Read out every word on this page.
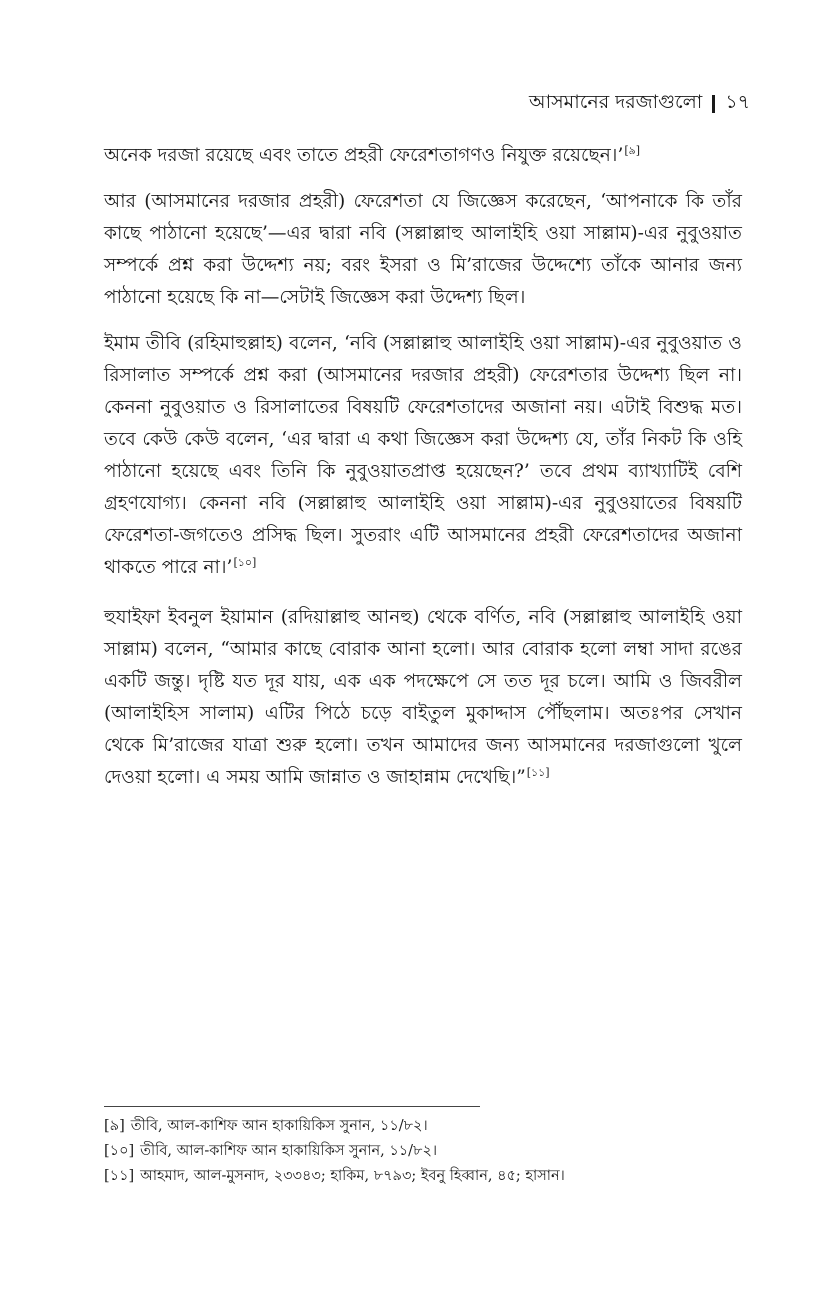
আসমানের দরজাগুলো ১৭

অনেক দরজা রয়েছে এবং তাতে প্রহরী ফেরেশতাগণও নিযুক্ত রয়েছেন।’[৯]

আর (আসমানের দরজার প্রহরী) ফেরেশতা যে জিজ্ঞেস করেছেন, ‘আপনাকে কি তাঁর কাছে পাঠানো হয়েছে’—এর দ্বারা নবি (সল্লাল্লাহু আলাইহি ওয়া সাল্লাম)-এর নুবুওয়াত সম্পর্কে প্রশ্ন করা উদ্দেশ্য নয়; বরং ইসরা ও মি’রাজের উদ্দেশ্যে তাঁকে আনার জন্য পাঠানো হয়েছে কি না—সেটাই জিজ্ঞেস করা উদ্দেশ্য ছিল।

ইমাম তীবি (রহিমাহুল্লাহ) বলেন, ‘নবি (সল্লাল্লাহু আলাইহি ওয়া সাল্লাম)-এর নুবুওয়াত ও রিসালাত সম্পর্কে প্রশ্ন করা (আসমানের দরজার প্রহরী) ফেরেশতার উদ্দেশ্য ছিল না। কেননা নুবুওয়াত ও রিসালাতের বিষয়টি ফেরেশতাদের অজানা নয়। এটাই বিশুদ্ধ মত। তবে কেউ কেউ বলেন, ‘এর দ্বারা এ কথা জিজ্ঞেস করা উদ্দেশ্য যে, তাঁর নিকট কি ওহি পাঠানো হয়েছে এবং তিনি কি নুবুওয়াতপ্রাপ্ত হয়েছেন?’ তবে প্রথম ব্যাখ্যাটিই বেশি গ্রহণযোগ্য। কেননা নবি (সল্লাল্লাহু আলাইহি ওয়া সাল্লাম)-এর নুবুওয়াতের বিষয়টি ফেরেশতা-জগতেও প্রসিদ্ধ ছিল। সুতরাং এটি আসমানের প্রহরী ফেরেশতাদের অজানা থাকতে পারে না।’[১০]

হুযাইফা ইবনুল ইয়ামান (রদিয়াল্লাহু আনহু) থেকে বর্ণিত, নবি (সল্লাল্লাহু আলাইহি ওয়া সাল্লাম) বলেন, “আমার কাছে বোরাক আনা হলো। আর বোরাক হলো লম্বা সাদা রঙের একটি জন্তু। দৃষ্টি যত দূর যায়, এক এক পদক্ষেপে সে তত দূর চলে। আমি ও জিবরীল (আলাইহিস সালাম) এটির পিঠে চড়ে বাইতুল মুকাদ্দাস পৌঁছলাম। অতঃপর সেখান থেকে মি’রাজের যাত্রা শুরু হলো। তখন আমাদের জন্য আসমানের দরজাগুলো খুলে দেওয়া হলো। এ সময় আমি জান্নাত ও জাহান্নাম দেখেছি।”[১১]

[৯] তীবি, আল-কাশিফ আন হাকায়িকিস সুনান, ১১/৮২।
[১০] তীবি, আল-কাশিফ আন হাকায়িকিস সুনান, ১১/৮২।
[১১] আহমাদ, আল-মুসনাদ, ২৩৩৪৩; হাকিম, ৮৭৯৩; ইবনু হিব্বান, ৪৫; হাসান।
